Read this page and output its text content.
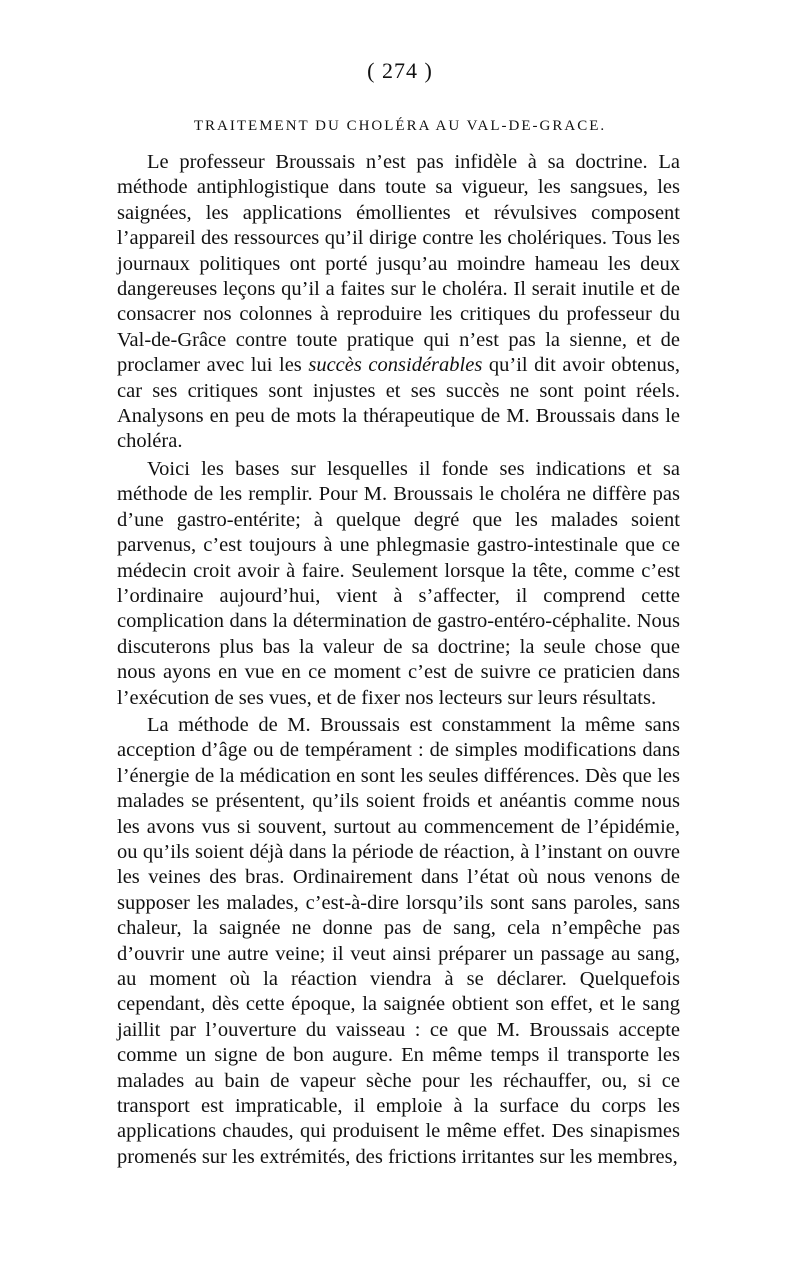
( 274 )
TRAITEMENT DU CHOLÉRA AU VAL-DE-GRACE.

Le professeur Broussais n’est pas infidèle à sa doctrine. La méthode antiphlogistique dans toute sa vigueur, les sangsues, les saignées, les applications émollientes et révulsives composent l’appareil des ressources qu’il dirige contre les cholériques. Tous les journaux politiques ont porté jusqu’au moindre hameau les deux dangereuses leçons qu’il a faites sur le choléra. Il serait inutile et de consacrer nos colonnes à reproduire les critiques du professeur du Val-de-Grâce contre toute pratique qui n’est pas la sienne, et de proclamer avec lui les succès considérables qu’il dit avoir obtenus, car ses critiques sont injustes et ses succès ne sont point réels. Analysons en peu de mots la thérapeutique de M. Broussais dans le choléra.

Voici les bases sur lesquelles il fonde ses indications et sa méthode de les remplir. Pour M. Broussais le choléra ne diffère pas d’une gastro-entérite; à quelque degré que les malades soient parvenus, c’est toujours à une phlegmasie gastro-intestinale que ce médecin croit avoir à faire. Seulement lorsque la tête, comme c’est l’ordinaire aujourd’hui, vient à s’affecter, il comprend cette complication dans la détermination de gastro-entéro-céphalite. Nous discuterons plus bas la valeur de sa doctrine; la seule chose que nous ayons en vue en ce moment c’est de suivre ce praticien dans l’exécution de ses vues, et de fixer nos lecteurs sur leurs résultats.

La méthode de M. Broussais est constamment la même sans acception d’âge ou de tempérament : de simples modifications dans l’énergie de la médication en sont les seules différences. Dès que les malades se présentent, qu’ils soient froids et anéantis comme nous les avons vus si souvent, surtout au commencement de l’épidémie, ou qu’ils soient déjà dans la période de réaction, à l’instant on ouvre les veines des bras. Ordinairement dans l’état où nous venons de supposer les malades, c’est-à-dire lorsqu’ils sont sans paroles, sans chaleur, la saignée ne donne pas de sang, cela n’empêche pas d’ouvrir une autre veine; il veut ainsi préparer un passage au sang, au moment où la réaction viendra à se déclarer. Quelquefois cependant, dès cette époque, la saignée obtient son effet, et le sang jaillit par l’ouverture du vaisseau : ce que M. Broussais accepte comme un signe de bon augure. En même temps il transporte les malades au bain de vapeur sèche pour les réchauffer, ou, si ce transport est impraticable, il emploie à la surface du corps les applications chaudes, qui produisent le même effet. Des sinapismes promenés sur les extrémités, des frictions irritantes sur les membres,
